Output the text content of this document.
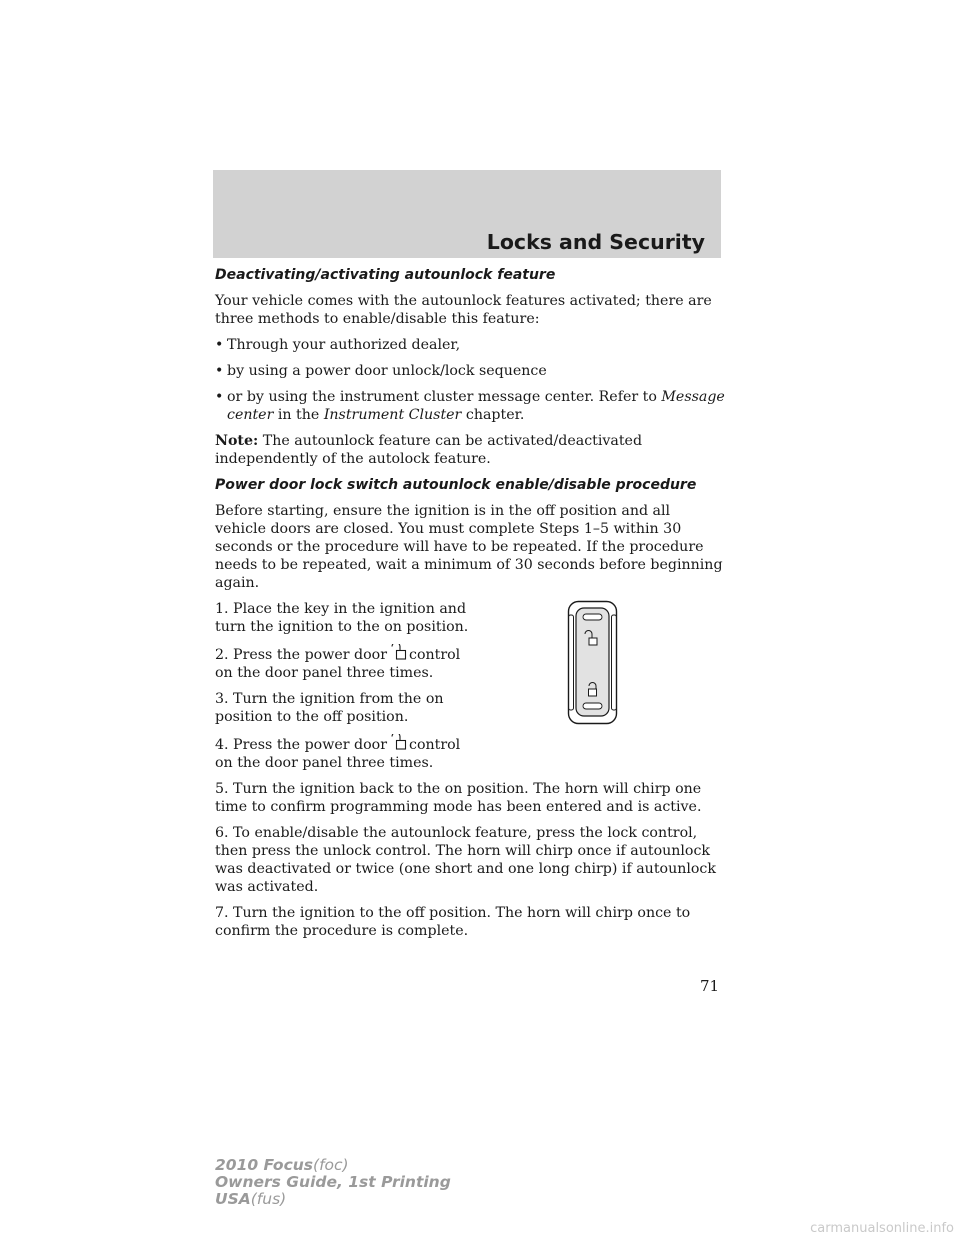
Locks and Security
Deactivating/activating autounlock feature

Your vehicle comes with the autounlock features activated; there are three methods to enable/disable this feature:

• Through your authorized dealer,
• by using a power door unlock/lock sequence
• or by using the instrument cluster message center. Refer to Message center in the Instrument Cluster chapter.

Note: The autounlock feature can be activated/deactivated independently of the autolock feature.

Power door lock switch autounlock enable/disable procedure

Before starting, ensure the ignition is in the off position and all vehicle doors are closed. You must complete Steps 1–5 within 30 seconds or the procedure will have to be repeated. If the procedure needs to be repeated, wait a minimum of 30 seconds before beginning again.

1. Place the key in the ignition and turn the ignition to the on position.

2. Press the power door control on the door panel three times.

3. Turn the ignition from the on position to the off position.

4. Press the power door control on the door panel three times.

5. Turn the ignition back to the on position. The horn will chirp one time to confirm programming mode has been entered and is active.

6. To enable/disable the autounlock feature, press the lock control, then press the unlock control. The horn will chirp once if autounlock was deactivated or twice (one short and one long chirp) if autounlock was activated.

7. Turn the ignition to the off position. The horn will chirp once to confirm the procedure is complete.

71
2010 Focus(foc)
Owners Guide, 1st Printing
USA(fus)
carmanualsonline.info
